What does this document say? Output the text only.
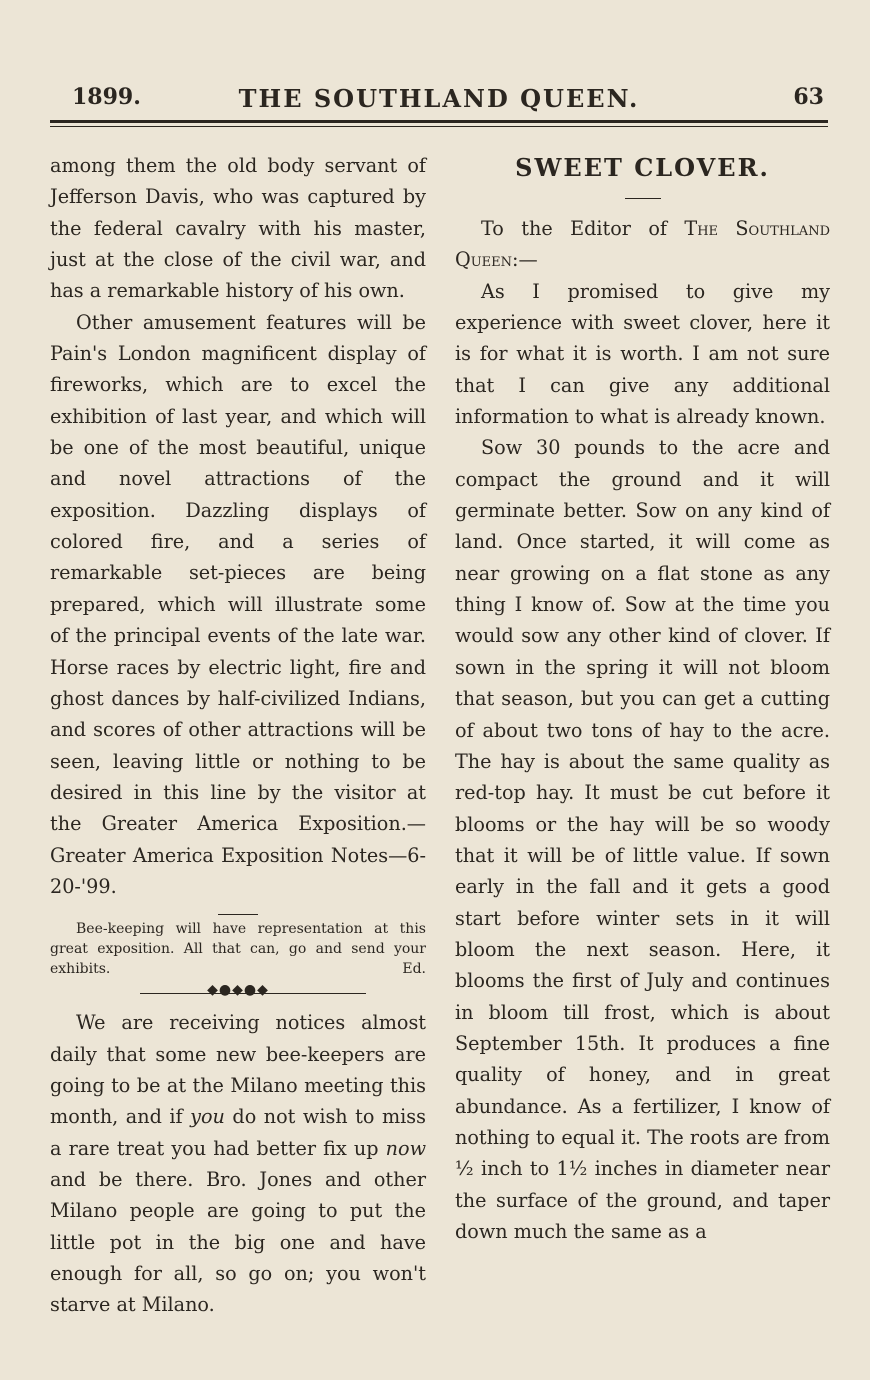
1899.	THE SOUTHLAND QUEEN.	63

among them the old body servant of Jefferson Davis, who was captured by the federal cavalry with his master, just at the close of the civil war, and has a remarkable history of his own.

Other amusement features will be Pain's London magnificent display of fireworks, which are to excel the exhibition of last year, and which will be one of the most beautiful, unique and novel attractions of the exposition. Dazzling displays of colored fire, and a series of remarkable set-pieces are being prepared, which will illustrate some of the principal events of the late war. Horse races by electric light, fire and ghost dances by half-civilized Indians, and scores of other attractions will be seen, leaving little or nothing to be desired in this line by the visitor at the Greater America Exposition.—Greater America Exposition Notes—6-20-'99.

Bee-keeping will have representation at this great exposition. All that can, go and send your exhibits.	Ed.

◆●◆●◆

We are receiving notices almost daily that some new bee-keepers are going to be at the Milano meeting this month, and if you do not wish to miss a rare treat you had better fix up now and be there. Bro. Jones and other Milano people are going to put the little pot in the big one and have enough for all, so go on; you won't starve at Milano.

SWEET CLOVER.

To the Editor of The Southland Queen:—

As I promised to give my experience with sweet clover, here it is for what it is worth. I am not sure that I can give any additional information to what is already known.

Sow 30 pounds to the acre and compact the ground and it will germinate better. Sow on any kind of land. Once started, it will come as near growing on a flat stone as any thing I know of. Sow at the time you would sow any other kind of clover. If sown in the spring it will not bloom that season, but you can get a cutting of about two tons of hay to the acre. The hay is about the same quality as red-top hay. It must be cut before it blooms or the hay will be so woody that it will be of little value. If sown early in the fall and it gets a good start before winter sets in it will bloom the next season. Here, it blooms the first of July and continues in bloom till frost, which is about September 15th. It produces a fine quality of honey, and in great abundance. As a fertilizer, I know of nothing to equal it. The roots are from ½ inch to 1½ inches in diameter near the surface of the ground, and taper down much the same as a
